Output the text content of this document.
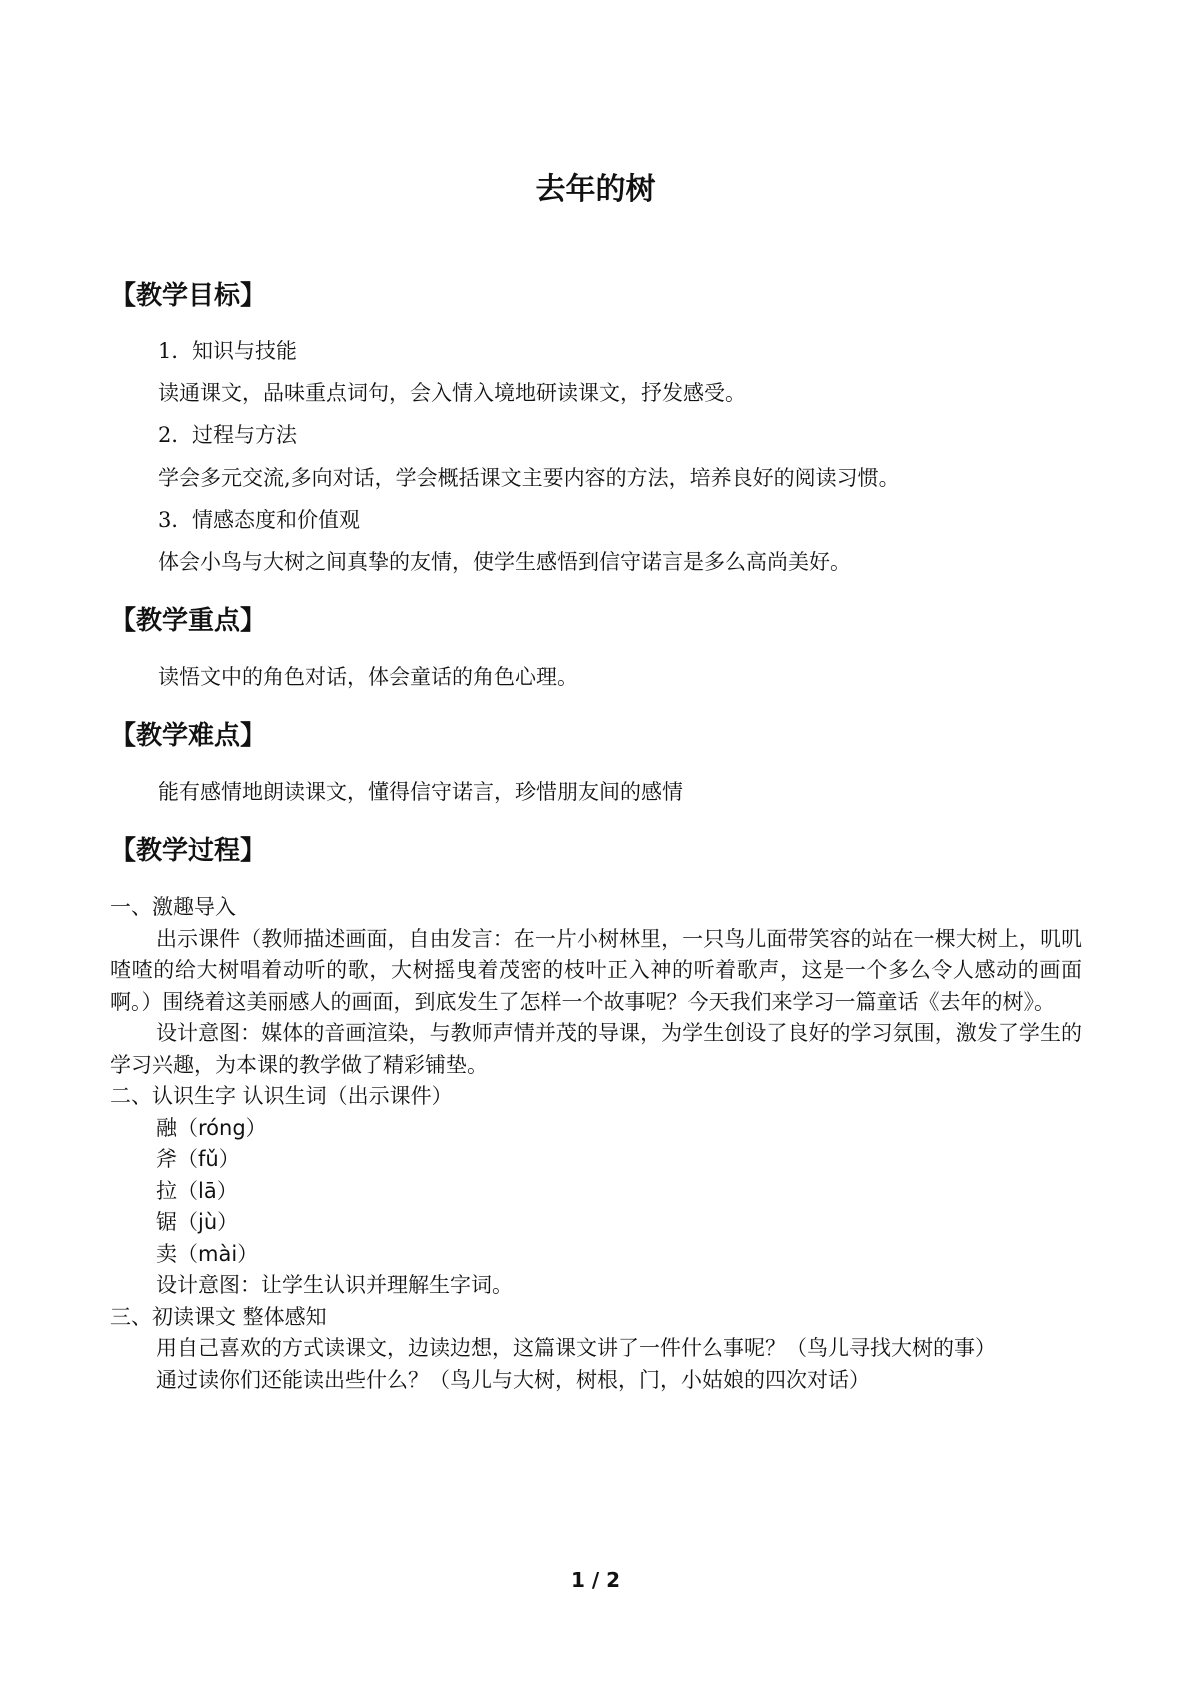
去年的树
【教学目标】
1．知识与技能
读通课文，品味重点词句，会入情入境地研读课文，抒发感受。
2．过程与方法
学会多元交流,多向对话，学会概括课文主要内容的方法，培养良好的阅读习惯。
3．情感态度和价值观
体会小鸟与大树之间真挚的友情，使学生感悟到信守诺言是多么高尚美好。
【教学重点】
读悟文中的角色对话，体会童话的角色心理。
【教学难点】
能有感情地朗读课文，懂得信守诺言，珍惜朋友间的感情
【教学过程】
一、激趣导入
出示课件（教师描述画面，自由发言：在一片小树林里，一只鸟儿面带笑容的站在一棵大树上，叽叽喳喳的给大树唱着动听的歌，大树摇曳着茂密的枝叶正入神的听着歌声，这是一个多么令人感动的画面啊。）围绕着这美丽感人的画面，到底发生了怎样一个故事呢？今天我们来学习一篇童话《去年的树》。
设计意图：媒体的音画渲染，与教师声情并茂的导课，为学生创设了良好的学习氛围，激发了学生的学习兴趣，为本课的教学做了精彩铺垫。
二、认识生字 认识生词（出示课件）
融（róng）
斧（fǔ）
拉（lā）
锯（jù）
卖（mài）
设计意图：让学生认识并理解生字词。
三、初读课文 整体感知
用自己喜欢的方式读课文，边读边想，这篇课文讲了一件什么事呢？（鸟儿寻找大树的事）
通过读你们还能读出些什么？（鸟儿与大树，树根，门，小姑娘的四次对话）
1 / 2
